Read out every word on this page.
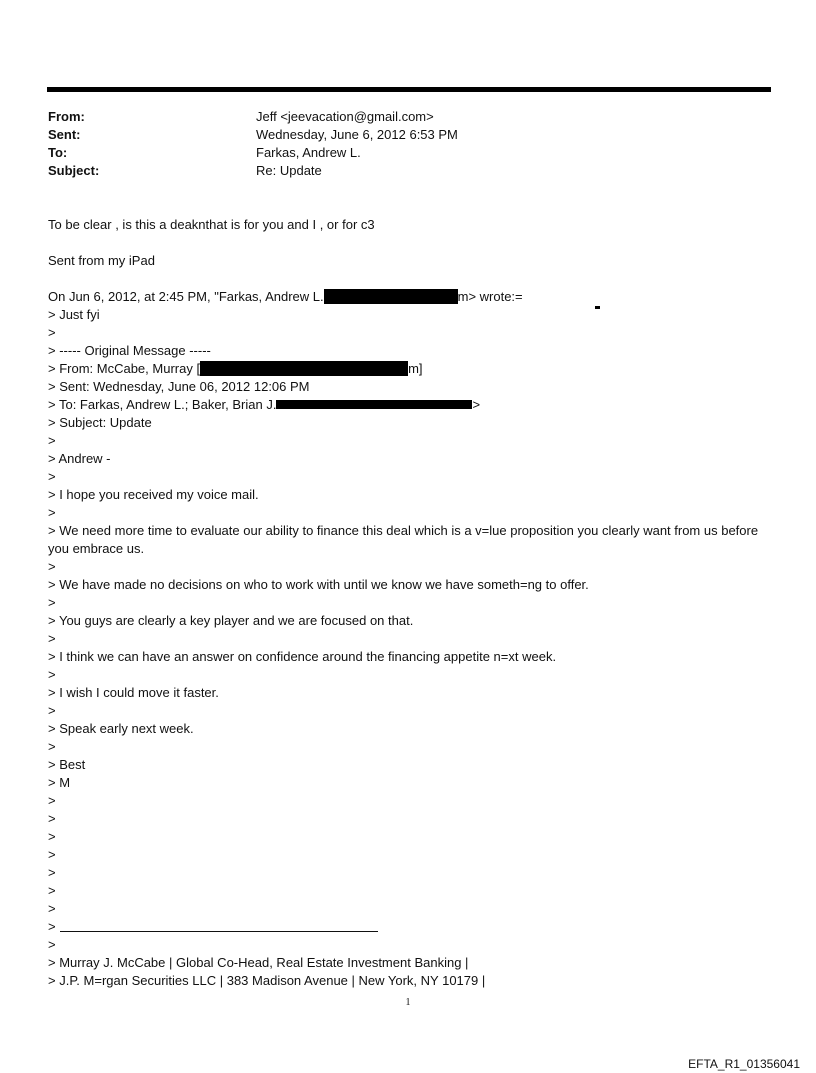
From:	Jeff <jeevacation@gmail.com>
Sent:	Wednesday, June 6, 2012 6:53 PM
To:	Farkas, Andrew L.
Subject:	Re: Update
To be clear , is this a deaknthat is for you and I , or for c3
Sent from my iPad
On Jun 6, 2012, at 2:45 PM, "Farkas, Andrew L.	m> wrote:=
> Just fyi
>
> ----- Original Message -----
> From: McCabe, Murray [	m]
> Sent: Wednesday, June 06, 2012 12:06 PM
> To: Farkas, Andrew L.; Baker, Brian J.	>
> Subject: Update
>
> Andrew -
>
> I hope you received my voice mail.
>
> We need more time to evaluate our ability to finance this deal which is a v=lue proposition you clearly want from us before you embrace us.
>
> We have made no decisions on who to work with until we know we have someth=ng to offer.
>
> You guys are clearly a key player and we are focused on that.
>
> I think we can have an answer on confidence around the financing appetite n=xt week.
>
> I wish I could move it faster.
>
> Speak early next week.
>
> Best
> M
>
>
>
>
>
>
>
>
>
> Murray J. McCabe | Global Co-Head, Real Estate Investment Banking |
> J.P. M=rgan Securities LLC | 383 Madison Avenue | New York, NY 10179 |
1
EFTA_R1_01356041
